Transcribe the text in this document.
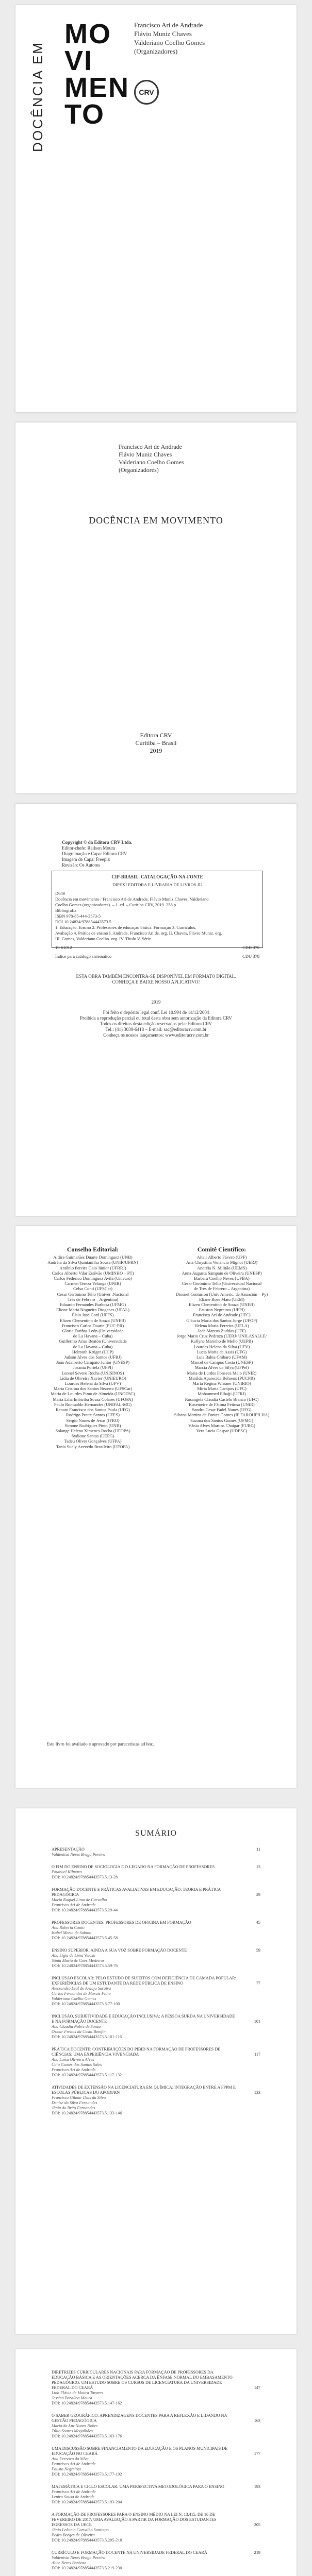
DOCÊNCIA EM
MO
VI
MEN
TO
Francisco Ari de Andrade
Flávio Muniz Chaves
Valderiano Coelho Gomes
(Organizadores)
CRV
Francisco Ari de Andrade
Flávio Muniz Chaves
Valderiano Coelho Gomes
(Organizadores)
DOCÊNCIA EM MOVIMENTO
Editora CRV
Curitiba – Brasil
2019
Copyright © da Editora CRV Ltda.
Editor-chefe: Railson Moura
Diagramação e Capa: Editora CRV
Imagem de Capa: Freepik
Revisão: Os Autores
CIP-BRASIL. CATALOGAÇÃO-NA-FONTE
DIPEXI EDITORA E LIVRARIA DE LIVROS JU
D649
Docência em movimento / Francisco Ari de Andrade, Flávio Muniz Chaves, Valderiano
Coelho Gomes (organizadores). – 1. ed. – Curitiba CRV, 2019. 258 p.
Bibliografia
ISBN 978-85-444-3573-5
DOI 10.24824/978854443573.5
1. Educação, Ensino 2. Professores de educação básica. Formação 3. Currículos.
Avaliação 4. Prática de ensino I. Andrade, Francisco Ari de. org. II. Chaves, Flávio Muniz. org.
III. Gomes, Valderiano Coelho. org. IV. Título V. Série.
19-61012	CDD 370
Índice para catálogo sistemático	CDU 378
ESTA OBRA TAMBÉM ENCONTRA-SE DISPONÍVEL EM FORMATO DIGITAL.
CONHEÇA E BAIXE NOSSO APLICATIVO!
2019
Foi feito o depósito legal conf. Lei 10.994 de 14/12/2004
Proibida a reprodução parcial ou total desta obra sem autorização da Editora CRV
Todos os direitos desta edição reservados pela: Editora CRV
Tel.: (41) 3039-6418 – E-mail: sac@editoracrv.com.br
Conheça os nossos lançamentos: www.editoracrv.com.br
Conselho Editorial:
Aldira Guimarães Duarte Domínguez (UNB)
Andréia da Silva Quintanilha Sousa (UNIR/UFRN)
Antônio Pereira Gaio Júnior (UFRRJ)
Carlos Alberto Vilar Estêvão (UMINHO – PT)
Carlos Federico Dominguez Avila (Unieuro)
Carmen Tereza Velanga (UNIR)
Celso Conti (UFSCar)
Cesar Gerónimo Tello (Univer .Nacional
Três de Febrero – Argentina)
Eduardo Fernandes Barbosa (UFMG)
Elione Maria Nogueira Diogenes (UFAL)
Élsio José Corá (UFFS)
Elizeu Clementino de Souza (UNEB)
Francisco Carlos Duarte (PUC-PR)
Gloria Fariñas León (Universidade
de La Havana – Cuba)
Guillermo Arias Beatón (Universidade
de La Havana – Cuba)
Helmuth Krüger (UCP)
Jailson Alves dos Santos (UFRJ)
João Adalberto Campato Junior (UNESP)
Josania Portela (UFPI)
Leonel Severo Rocha (UNISINOS)
Lídia de Oliveira Xavier (UNIEURO)
Lourdes Helena da Silva (UFV)
Maria Cristina dos Santos Bezerra (UFSCar)
Maria de Lourdes Pinto de Almeida (UNOESC)
Maria Lília Imbiriba Sousa Colares (UFOPA)
Paulo Romualdo Hernandes (UNIFAL-MG)
Renato Francisco dos Santos Paula (UFG)
Rodrigo Pratte-Santos (UFES)
Sérgio Nunes de Jesus (IFRO)
Simone Rodrigues Pinto (UNB)
Solange Helena Ximenes-Rocha (UFOPA)
Sydione Santos (UEPG)
Tadeu Oliver Gonçalves (UFPA)
Tania Suely Azevedo Brasileiro (UFOPA)
Comitê Científico:
Altair Alberto Fávero (UPF)
Ana Chrystina Venancio Mignot (UERJ)
Andréia N. Militão (UEMS)
Anna Augusta Sampaio de Oliveira (UNESP)
Barbara Coelho Neves (UFBA)
Cesar Gerónimo Tello (Universidad Nacional
de Tres de Febrero – Argentina)
Diosnel Centurion (Univ Americ. de Asunción – Py)
Eliane Rose Maio (UEM)
Elizeu Clementino de Souza (UNEB)
Fauston Negreiros (UFPI)
Francisco Ari de Andrade (UFC)
Gláucia Maria dos Santos Jorge (UFOP)
Helena Maria Ferreira (UFLA)
Jade Marcos Zuddas (UFF)
Jorge Mario Cruz Pedroza (UERJ/ UNILASALLE/
Kallyne Marinho de Mello (UEPB)
Lourdes Helena da Silva (UFV)
Lucia Maria de Assis (UFG)
Luis Bahia Chibaro (UFAM)
Marcel de Campos Costa (UNESP)
Marcia Alves da Silva (UFPel)
Maria de Lurdes Fonseca Melo (UNIR)
Marilda Aparecida Behrens (PUCPR)
Marta Regina Wissner (UNIRIO)
Mirta Maria Campos (UFC)
Mohammed Elhajji (UFRJ)
Rosangela Cláudia Castelo Branco (UFC)
Rosemeire de Fátima Feitosa (UNIR)
Sandro Cesar Fadel Nunes (UFG)
Silvina Martins de Fontes Gomes (IF FAROUPILHA)
Suzana dos Santos Gomes (UFMG)
Vânia Alves Martins Chaigar (FURG)
Vera Lucia Gaspar (UDESC)
Este livro foi avaliado e aprovado por pareceristas ad hoc.
SUMÁRIO
APRESENTAÇÃO	11
Valdenisia Neres Braga Pereira
O FIM DO ENSINO DE SOCIOLOGIA E O LEGADO NA FORMAÇÃO DE PROFESSORES	13
Emanuel Kilmara
DOI: 10.24824/978854443573.5.13-28
FORMAÇÃO DOCENTE E PRÁTICAS AVALIATIVAS EM EDUCAÇÃO: TEORIA E PRÁTICA PEDAGÓGICA	29
Maria Raquel Lima de Carvalho
Francisco Ari de Andrade
DOI: 10.24824/978854443573.5.29-44
PROFESSORES DOCENTES: PROFESSORES DE OFICINA EM FORMAÇÃO	45
Ana Roberta Couto
Isabel Maria de Sabino
DOI: 10.24824/978854443573.5.45-58
ENSINO SUPERIOR: AINDA A SUA VOZ SOBRE FORMAÇÃO DOCENTE	59
Ana Ligia de Lima Veloso
Sônia Maria de Goes Medeiros
DOI: 10.24824/978854443573.5.59-76
INCLUSÃO ESCOLAR: PELO ESTUDO DE SUJEITOS COM DEFICIÊNCIA DE CAMADA POPULAR: EXPERIÊNCIAS DE UM ESTUDANTE DA REDE PÚBLICA DE ENSINO	77
Alessandro Leal de Araujo Saraiva
Carlos Fernandes de Morais Filho
Valderiano Coelho Gomes
DOI: 10.24824/978854443573.5.77-100
INCLUSÃO, SUBJETIVIDADE E EDUCAÇÃO INCLUSIVA: A PESSOA SURDA NA UNIVERSIDADE E NA FORMAÇÃO DOCENTE	101
Ana Claudia Nobre de Souza
Osmar Freitas da Costa Bomfim
DOI: 10.24824/978854443573.5.101-116
PRÁTICA DOCENTE: CONTRIBUIÇÕES DO PIBID NA FORMAÇÃO DE PROFESSORES DE CIÊNCIAS: UMA EXPERIÊNCIA VIVENCIADA	117
Ana Luísa Oliveira Alves
Caio Gomes dos Santos Sales
Francisco Ari de Andrade
DOI: 10.24824/978854443573.5.117-132
ATIVIDADES DE EXTENSÃO NA LICENCIATURA EM QUÍMICA: INTEGRAÇÃO ENTRE A FPPM E ESCOLAS PÚBLICAS DO APODI/RN	133
Francisco Gilmar Dias da Silva
Denise da Silva Fernandes
Jânia do Brito Fernandes
DOI: 10.24824/978854443573.5.133-146
DIRETRIZES CURRICULARES NACIONAIS PARA FORMAÇÃO DE PROFESSORES DA EDUCAÇÃO BÁSICA E AS ORIENTAÇÕES ACERCA DA ÊNFASE NORMAL DO EMBASAMENTO PEDAGÓGICO: UM ESTUDO SOBRE OS CURSOS DE LICENCIATURA DA UNIVERSIDADE FEDERAL DO CEARÁ	147
Lina Flávia de Moura Tavares
Jessica Baraúna Moura
DOI: 10.24824/978854443573.5.147-162
O SABER GEOGRÁFICO: APRENDIZAGENS DOCENTES PARA A REFLEXÃO E LIDANDO NA GESTÃO PEDAGÓGICA	163
Maria da Luz Nunes Nobre
Túlio Soares Magalhães
DOI: 10.24824/978854443573.5.163-176
UMA DISCUSSÃO SOBRE FINANCIAMENTO DA EDUCAÇÃO E OS PLANOS MUNICIPAIS DE EDUCAÇÃO NO CEARÁ	177
Ana Ferreira da Silva
Francisco Ari de Andrade
Fausto Negreiros
DOI: 10.24824/978854443573.5.177-192
MATEMÁTICA E CICLO ESCOLAR: UMA PERSPECTIVA METODOLÓGICA PARA O ENSINO	193
Francisco Ari de Andrade
Lenira Sousa de Andrade
DOI: 10.24824/978854443573.5.193-204
A FORMAÇÃO DE PROFESSORES PARA O ENSINO MÉDIO NA LEI N. 13.415, DE 16 DE FEVEREIRO DE 2017: UMA AVALIAÇÃO A PARTIR DA FORMAÇÃO DOS ESTUDANTES EGRESSOS DA UECE	205
Jânio Leôncio Carvalho Santiago
Pedro Borges de Oliveira
DOI: 10.24824/978854443573.5.205-218
CURRÍCULO E FORMAÇÃO DOCENTE NA UNIVERSIDADE FEDERAL DO CEARÁ	219
Valdenisia Neres Braga Pereira
Alice Neres Barbosa
DOI: 10.24824/978854443573.5.219-230
